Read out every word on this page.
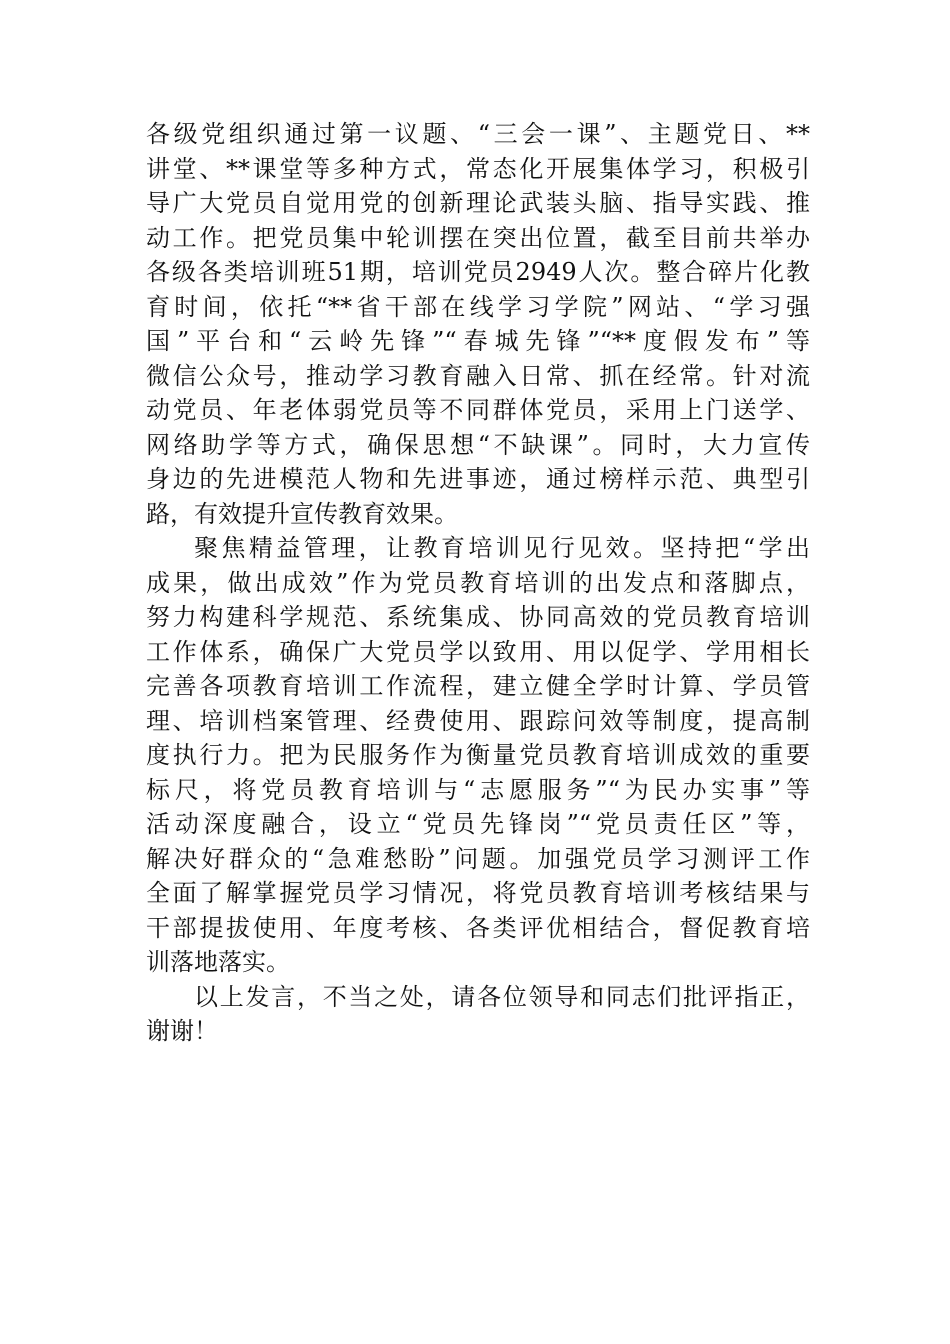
各级党组织通过第一议题、“三会一课”、主题党日、**
讲堂、**课堂等多种方式，常态化开展集体学习，积极引
导广大党员自觉用党的创新理论武装头脑、指导实践、推
动工作。把党员集中轮训摆在突出位置，截至目前共举办
各级各类培训班51期，培训党员2949人次。整合碎片化教
育时间，依托“**省干部在线学习学院”网站、“学习强
国”平台和“云岭先锋”“春城先锋”“**度假发布”等
微信公众号，推动学习教育融入日常、抓在经常。针对流
动党员、年老体弱党员等不同群体党员，采用上门送学、
网络助学等方式，确保思想“不缺课”。同时，大力宣传
身边的先进模范人物和先进事迹，通过榜样示范、典型引
路，有效提升宣传教育效果。
聚焦精益管理，让教育培训见行见效。坚持把“学出
成果，做出成效”作为党员教育培训的出发点和落脚点，
努力构建科学规范、系统集成、协同高效的党员教育培训
工作体系，确保广大党员学以致用、用以促学、学用相长
完善各项教育培训工作流程，建立健全学时计算、学员管
理、培训档案管理、经费使用、跟踪问效等制度，提高制
度执行力。把为民服务作为衡量党员教育培训成效的重要
标尺，将党员教育培训与“志愿服务”“为民办实事”等
活动深度融合，设立“党员先锋岗”“党员责任区”等，
解决好群众的“急难愁盼”问题。加强党员学习测评工作
全面了解掌握党员学习情况，将党员教育培训考核结果与
干部提拔使用、年度考核、各类评优相结合，督促教育培
训落地落实。
以上发言，不当之处，请各位领导和同志们批评指正，
谢谢！
